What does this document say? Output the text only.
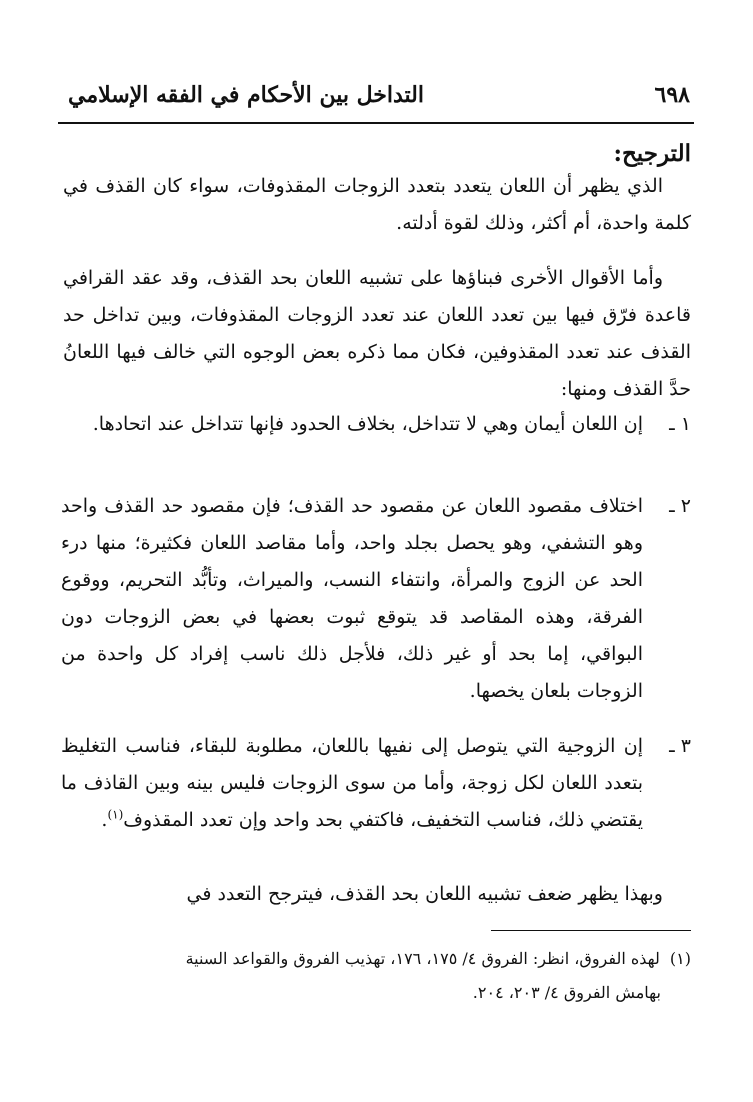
٦٩٨
التداخل بين الأحكام في الفقه الإسلامي
الترجيح:

الذي يظهر أن اللعان يتعدد بتعدد الزوجات المقذوفات، سواء كان القذف في كلمة واحدة، أم أكثر، وذلك لقوة أدلته.

وأما الأقوال الأخرى فبناؤها على تشبيه اللعان بحد القذف، وقد عقد القرافي قاعدة فرّق فيها بين تعدد اللعان عند تعدد الزوجات المقذوفات، وبين تداخل حد القذف عند تعدد المقذوفين، فكان مما ذكره بعض الوجوه التي خالف فيها اللعانُ حدَّ القذف ومنها:

١ ـ
إن اللعان أيمان وهي لا تتداخل، بخلاف الحدود فإنها تتداخل عند اتحادها.
٢ ـ
اختلاف مقصود اللعان عن مقصود حد القذف؛ فإن مقصود حد القذف واحد وهو التشفي، وهو يحصل بجلد واحد، وأما مقاصد اللعان فكثيرة؛ منها درء الحد عن الزوج والمرأة، وانتفاء النسب، والميراث، وتأبُّد التحريم، ووقوع الفرقة، وهذه المقاصد قد يتوقع ثبوت بعضها في بعض الزوجات دون البواقي، إما بحد أو غير ذلك، فلأجل ذلك ناسب إفراد كل واحدة من الزوجات بلعان يخصها.
٣ ـ
إن الزوجية التي يتوصل إلى نفيها باللعان، مطلوبة للبقاء، فناسب التغليظ بتعدد اللعان لكل زوجة، وأما من سوى الزوجات فليس بينه وبين القاذف ما يقتضي ذلك، فناسب التخفيف، فاكتفي بحد واحد وإن تعدد المقذوف$^{(١)}$.

وبهذا يظهر ضعف تشبيه اللعان بحد القذف، فيترجح التعدد في

(١)لهذه الفروق، انظر: الفروق ٤/ ١٧٥، ١٧٦، تهذيب الفروق والقواعد السنية
بهامش الفروق ٤/ ٢٠٣، ٢٠٤.
